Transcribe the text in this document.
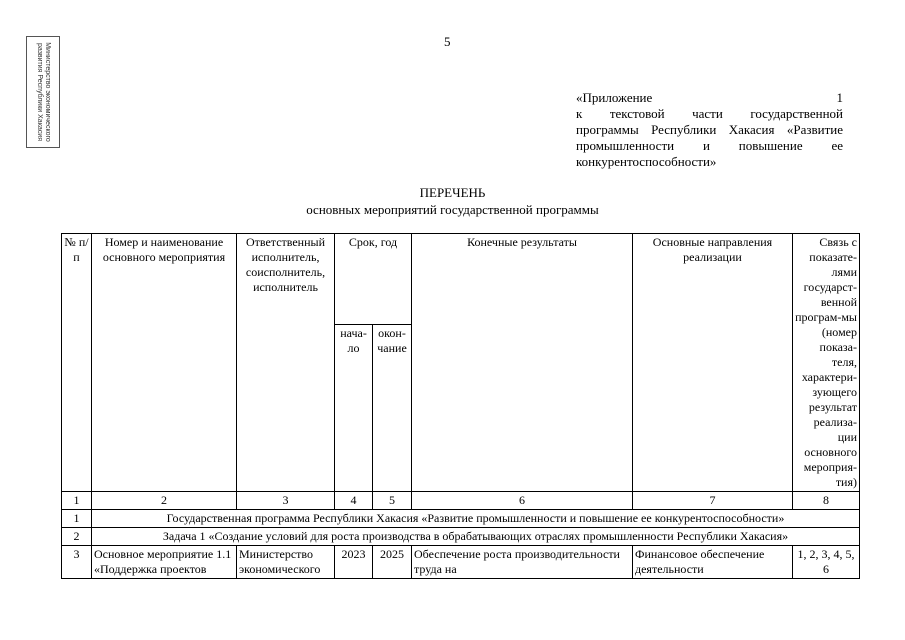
5
Министерство экономического развития Республики Хакасия	«Приложение 1
к текстовой части государственной
программы Республики Хакасия «Развитие
промышленности и повышение ее
конкурентоспособности»
ПЕРЕЧЕНЬ
основных мероприятий государственной программы
№ п/п	Номер и наименование основного мероприятия	Ответственный исполнитель, соисполнитель, исполнитель	Срок, год		Конечные результаты	Основные направления реализации	Связь с показате-лями государст-венной програм-мы (номер показа-теля, характери-зующего результат реализа-ции основного мероприя-тия)
			нача-ло	окон-чание			
1	2	3	4	5	6	7	8
1	Государственная программа Республики Хакасия «Развитие промышленности и повышение ее конкурентоспособности»						
2	Задача 1 «Создание условий для роста производства в обрабатывающих отраслях промышленности Республики Хакасия»						
3	Основное мероприятие 1.1 «Поддержка проектов	Министерство экономического	2023	2025	Обеспечение роста производительности труда на	Финансовое обеспечение деятельности	1, 2, 3, 4, 5, 6
